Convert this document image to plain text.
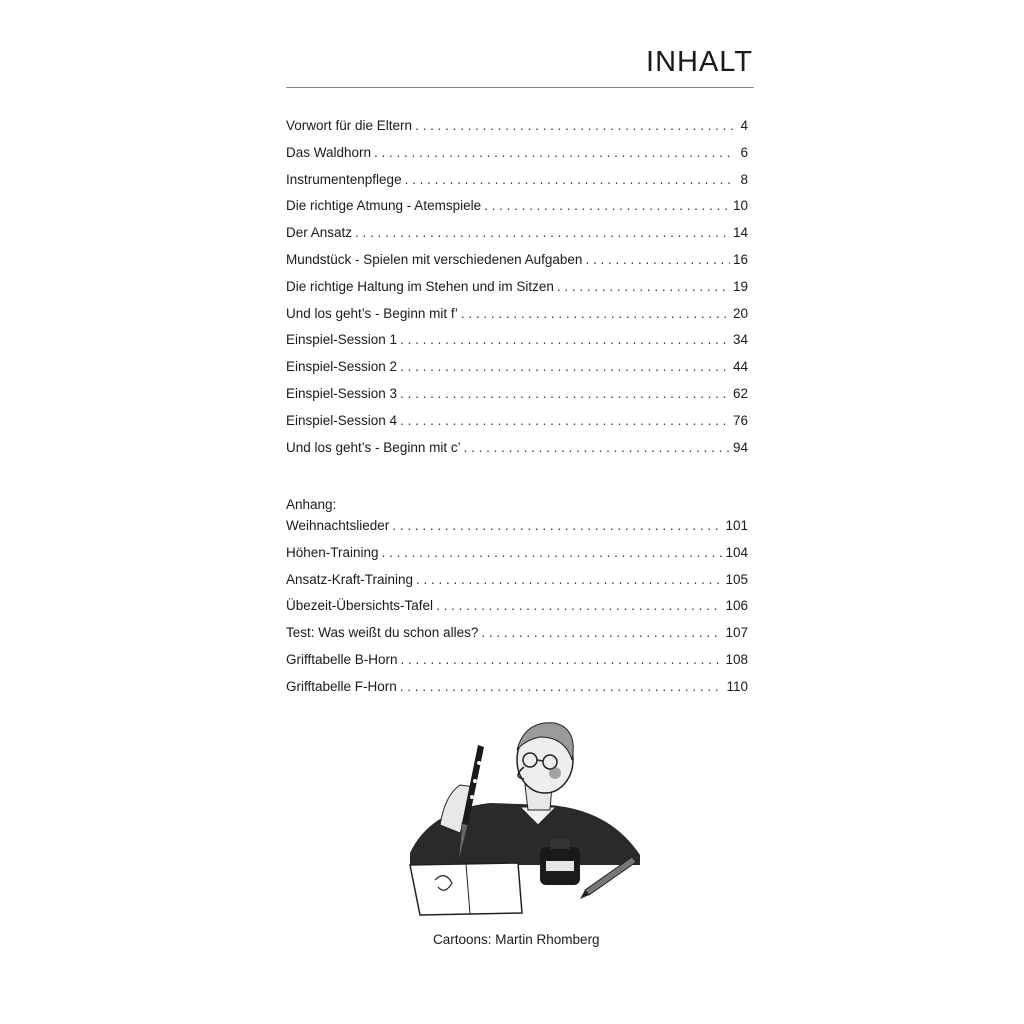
INHALT
Vorwort für die Eltern . . .	4
Das Waldhorn . . .	6
Instrumentenpflege . . .	8
Die richtige Atmung - Atemspiele . . .	10
Der Ansatz . . .	14
Mundstück - Spielen mit verschiedenen Aufgaben . . .	16
Die richtige Haltung im Stehen und im Sitzen . . .	19
Und los geht’s - Beginn mit f’ . . .	20
Einspiel-Session 1 . . .	34
Einspiel-Session 2 . . .	44
Einspiel-Session 3 . . .	62
Einspiel-Session 4 . . .	76
Und los geht’s - Beginn mit c’ . . .	94
Anhang:
Weihnachtslieder . . .	101
Höhen-Training . . .	104
Ansatz-Kraft-Training . . .	105
Übezeit-Übersichts-Tafel . . .	106
Test: Was weißt du schon alles? . . .	107
Grifftabelle B-Horn . . .	108
Grifftabelle F-Horn . . .	110
Cartoons: Martin Rhomberg
